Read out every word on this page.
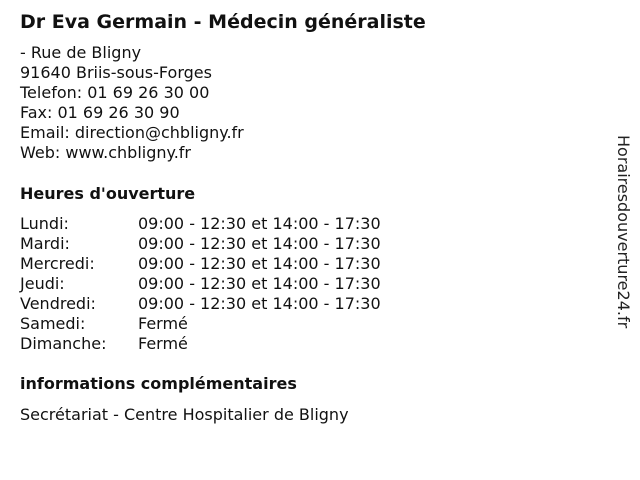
Dr Eva Germain - Médecin généraliste
- Rue de Bligny
91640 Briis-sous-Forges
Telefon: 01 69 26 30 00
Fax: 01 69 26 30 90
Email: direction@chbligny.fr
Web: www.chbligny.fr
Heures d'ouverture
Lundi:	09:00 - 12:30 et 14:00 - 17:30
Mardi:	09:00 - 12:30 et 14:00 - 17:30
Mercredi:	09:00 - 12:30 et 14:00 - 17:30
Jeudi:	09:00 - 12:30 et 14:00 - 17:30
Vendredi:	09:00 - 12:30 et 14:00 - 17:30
Samedi:	Fermé
Dimanche:	Fermé
informations complémentaires
Secrétariat - Centre Hospitalier de Bligny
Horairesdouverture24.fr
